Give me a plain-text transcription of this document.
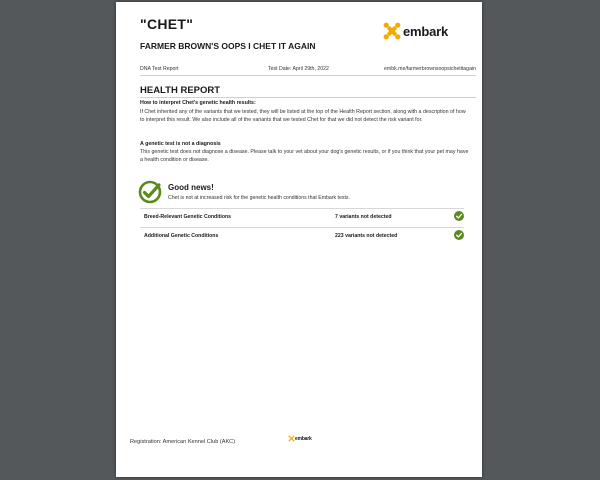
"CHET"
FARMER BROWN'S OOPS I CHET IT AGAIN
embark
DNA Test Report	Test Date: April 29th, 2022	embk.me/farmerbrownsoopsichetitagain
HEALTH REPORT
How to interpret Chet's genetic health results:
If Chet inherited any of the variants that we tested, they will be listed at the top of the Health Report section, along with a description of how to interpret this result. We also include all of the variants that we tested Chet for that we did not detect the risk variant for.
A genetic test is not a diagnosis
This genetic test does not diagnose a disease. Please talk to your vet about your dog's genetic results, or if you think that your pet may have a health condition or disease.
Good news!
Chet is not at increased risk for the genetic health conditions that Embark tests.
Breed-Relevant Genetic Conditions	7 variants not detected
Additional Genetic Conditions	223 variants not detected
Registration: American Kennel Club (AKC)
embark
